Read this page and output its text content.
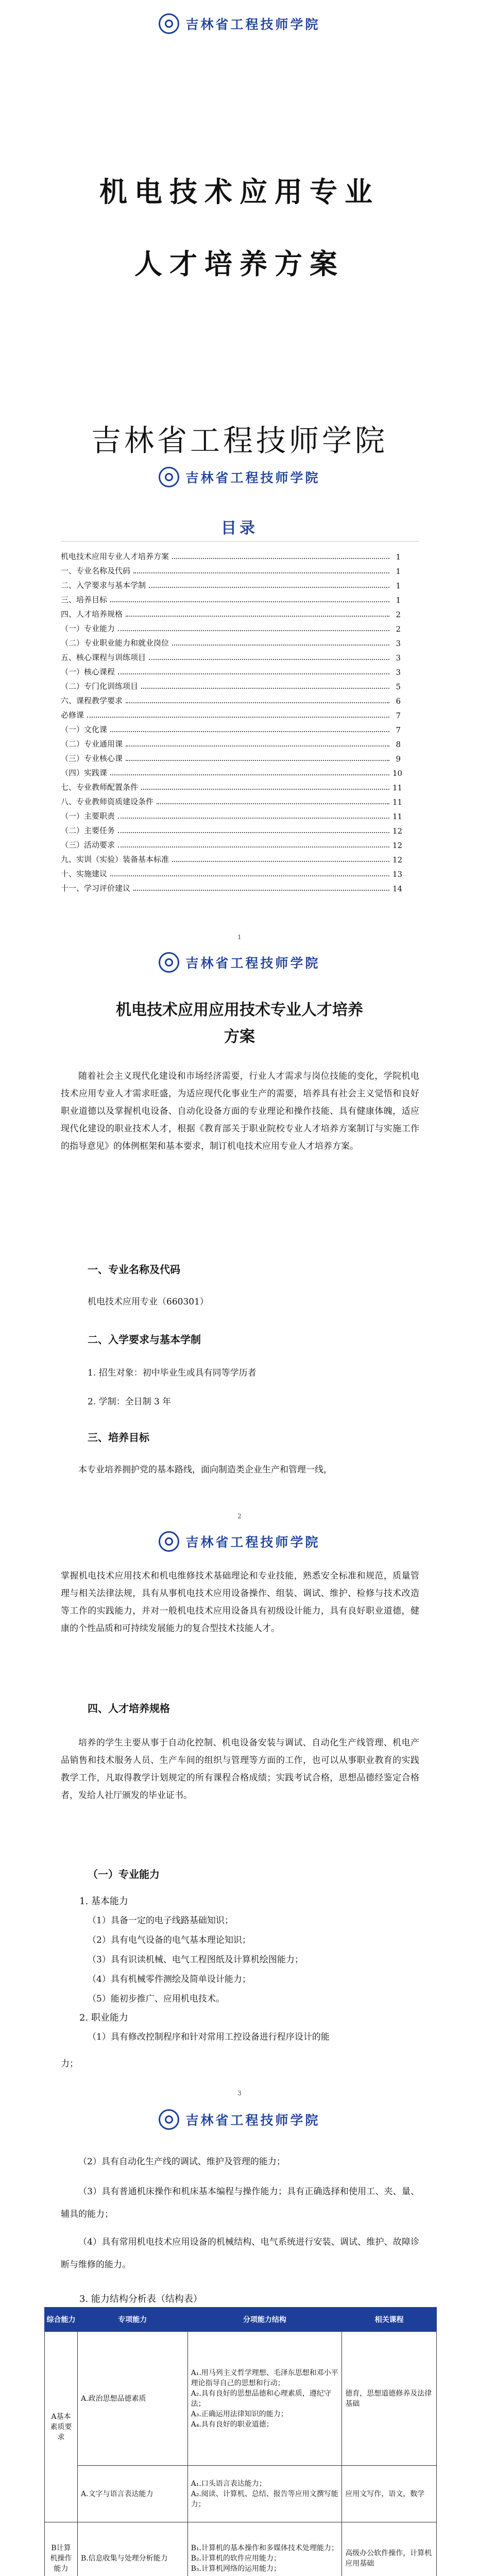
吉林省工程技师学院
机电技术应用专业
人才培养方案
吉林省工程技师学院
吉林省工程技师学院
目录
机电技术应用专业人才培养方案	1
一、专业名称及代码	1
二、入学要求与基本学制	1
三、培养目标	1
四、人才培养规格	2
（一）专业能力	2
（二）专业职业能力和就业岗位	3
五、核心课程与训练项目	3
（一）核心课程	3
（二）专门化训练项目	5
六、课程教学要求	6
必修课	7
（一）文化课	7
（二）专业通用课	8
（三）专业核心课	9
（四）实践课	10
七、专业教师配置条件	11
八、专业教师资质建设条件	11
（一）主要职责	11
（二）主要任务	12
（三）活动要求	12
九、实训（实验）装备基本标准	12
十、实施建议	13
十一、学习评价建议	14
1
吉林省工程技师学院
机电技术应用应用技术专业人才培养
方案
随着社会主义现代化建设和市场经济需要，行业人才需求与岗位技能的变化，学院机电技术应用专业人才需求旺盛，为适应现代化事业生产的需要，培养具有社会主义觉悟和良好职业道德以及掌握机电设备、自动化设备方面的专业理论和操作技能、具有健康体魄，适应现代化建设的职业技术人才，根据《教育部关于职业院校专业人才培养方案制订与实施工作的指导意见》的体例框架和基本要求，制订机电技术应用专业人才培养方案。
一、专业名称及代码
机电技术应用专业（660301）
二、入学要求与基本学制
1. 招生对象：初中毕业生或具有同等学历者
2. 学制：全日制 3 年
三、培养目标
本专业培养拥护党的基本路线，面向制造类企业生产和管理一线，
2
吉林省工程技师学院
掌握机电技术应用技术和机电维修技术基础理论和专业技能，熟悉安全标准和规范，质量管理与相关法律法规，具有从事机电技术应用设备操作、组装、调试、维护、检修与技术改造等工作的实践能力，并对一般机电技术应用设备具有初级设计能力，具有良好职业道德，健康的个性品质和可持续发展能力的复合型技术技能人才。
四、人才培养规格
培养的学生主要从事于自动化控制、机电设备安装与调试、自动化生产线管理、机电产品销售和技术服务人员、生产车间的组织与管理等方面的工作，也可以从事职业教育的实践教学工作，凡取得教学计划规定的所有课程合格成绩；实践考试合格，思想品德经鉴定合格者，发给人社厅颁发的毕业证书。
（一）专业能力
1. 基本能力
（1）具备一定的电子线路基础知识；
（2）具有电气设备的电气基本理论知识；
（3）具有识读机械、电气工程图纸及计算机绘图能力；
（4）具有机械零件测绘及简单设计能力；
（5）能初步推广、应用机电技术。
2. 职业能力
（1）具有修改控制程序和针对常用工控设备进行程序设计的能
力；
3
吉林省工程技师学院
（2）具有自动化生产线的调试、维护及管理的能力；
（3）具有普通机床操作和机床基本编程与操作能力；具有正确选择和使用工、夹、量、辅具的能力；
（4）具有常用机电技术应用设备的机械结构、电气系统进行安装、调试、维护、故障诊断与维修的能力。
3. 能力结构分析表（结构表）
综合能力	专项能力	分项能力结构	相关课程
A基本素质要求	A.政治思想品德素质	A₁.用马列主义哲学理想、毛泽东思想和邓小平理论指导自己的思想和行动；
A₂.具有良好的思想品德和心理素质，遵纪守法；
A₃.正确运用法律知识的能力；
A₄.具有良好的职业道德；	德育，思想道德修养及法律基础
	A.文字与语言表达能力	A₁.口头语言表达能力；
A₂.阅读、计算机、总结、报告等应用文撰写能力；	应用文写作，语文，数学
B计算机操作能力	B.信息收集与处理分析能力	B₁.计算机的基本操作和多媒体技术处理能力；
B₂.计算机的软件应用能力；
B₃.计算机网络的运用能力；	高级办公软件操作，计算机应用基础
